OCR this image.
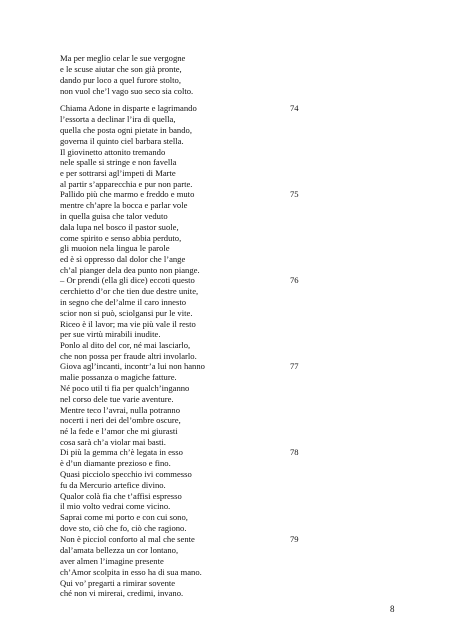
Ma per meglio celar le sue vergogne
e le scuse aiutar che son già pronte,
dando pur loco a quel furore stolto,
non vuol che’l vago suo seco sia colto.
74
Chiama Adone in disparte e lagrimando
l’essorta a declinar l’ira di quella,
quella che posta ogni pietate in bando,
governa il quinto ciel barbara stella.
Il giovinetto attonito tremando
nele spalle si stringe e non favella
e per sottrarsi agl’impeti di Marte
al partir s’apparecchia e pur non parte.
75
Pallido più che marmo e freddo e muto
mentre ch’apre la bocca e parlar vole
in quella guisa che talor veduto
dala lupa nel bosco il pastor suole,
come spirito e senso abbia perduto,
gli muoion nela lingua le parole
ed è sì oppresso dal dolor che l’ange
ch’al pianger dela dea punto non piange.
76
– Or prendi (ella gli dice) eccoti questo
cerchietto d’or che tien due destre unite,
in segno che del’alme il caro innesto
scior non si può, sciolgansi pur le vite.
Riceo è il lavor; ma vie più vale il resto
per sue virtù mirabili inudite.
Ponlo al dito del cor, né mai lasciarlo,
che non possa per fraude altri involarlo.
77
Giova agl’incanti, incontr’a lui non hanno
malie possanza o magiche fatture.
Né poco util ti fia per qualch’inganno
nel corso dele tue varie aventure.
Mentre teco l’avrai, nulla potranno
nocerti i neri dei del’ombre oscure,
né la fede e l’amor che mi giurasti
cosa sarà ch’a violar mai basti.
78
Di più la gemma ch’è legata in esso
è d’un diamante prezioso e fino.
Quasi picciolo specchio ivi commesso
fu da Mercurio artefice divino.
Qualor colà fia che t’affisi espresso
il mio volto vedrai come vicino.
Saprai come mi porto e con cui sono,
dove sto, ciò che fo, ciò che ragiono.
79
Non è picciol conforto al mal che sente
dal’amata bellezza un cor lontano,
aver almen l’imagine presente
ch’Amor scolpita in esso ha di sua mano.
Qui vo’ pregarti a rimirar sovente
ché non vi mirerai, credimi, invano.
8
